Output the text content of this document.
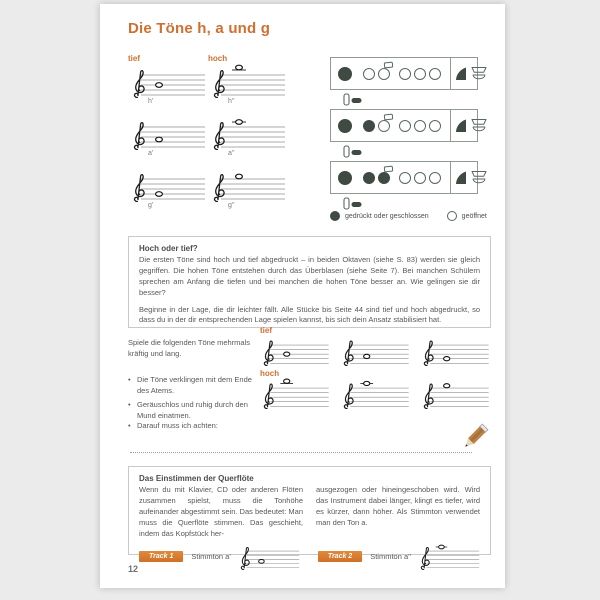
Die Töne h, a und g
tief	hoch
h'	h''
a'	a''
g'	g''
gedrückt oder geschlossen	geöffnet

Hoch oder tief?

Die ersten Töne sind hoch und tief abgedruckt – in beiden Oktaven (siehe S. 83) werden sie gleich gegriffen. Die hohen Töne entstehen durch das Überblasen (siehe Seite 7). Bei manchen Schülern sprechen am Anfang die tiefen und bei manchen die hohen Töne besser an. Wie gelingen sie dir besser?

Beginne in der Lage, die dir leichter fällt. Alle Stücke bis Seite 44 sind tief und hoch abgedruckt, so dass du in der dir entsprechenden Lage spielen kannst, bis sich dein Ansatz stabilisiert hat.

Spiele die folgenden Töne mehrmals kräftig und lang.
• Die Töne verklingen mit dem Ende des Atems.
• Geräuschlos und ruhig durch den Mund einatmen.
• Darauf muss ich achten:
tief
hoch

Das Einstimmen der Querflöte

Wenn du mit Klavier, CD oder anderen Flöten zusammen spielst, muss die Tonhöhe aufeinander abgestimmt sein. Das bedeutet: Man muss die Querflöte stimmen. Das geschieht, indem das Kopfstück her-

ausgezogen oder hineingeschoben wird. Wird das Instrument dabei länger, klingt es tiefer, wird es kürzer, dann höher. Als Stimmton verwendet man den Ton a.

Track 1	Stimmton a'	Track 2	Stimmton a''
12
